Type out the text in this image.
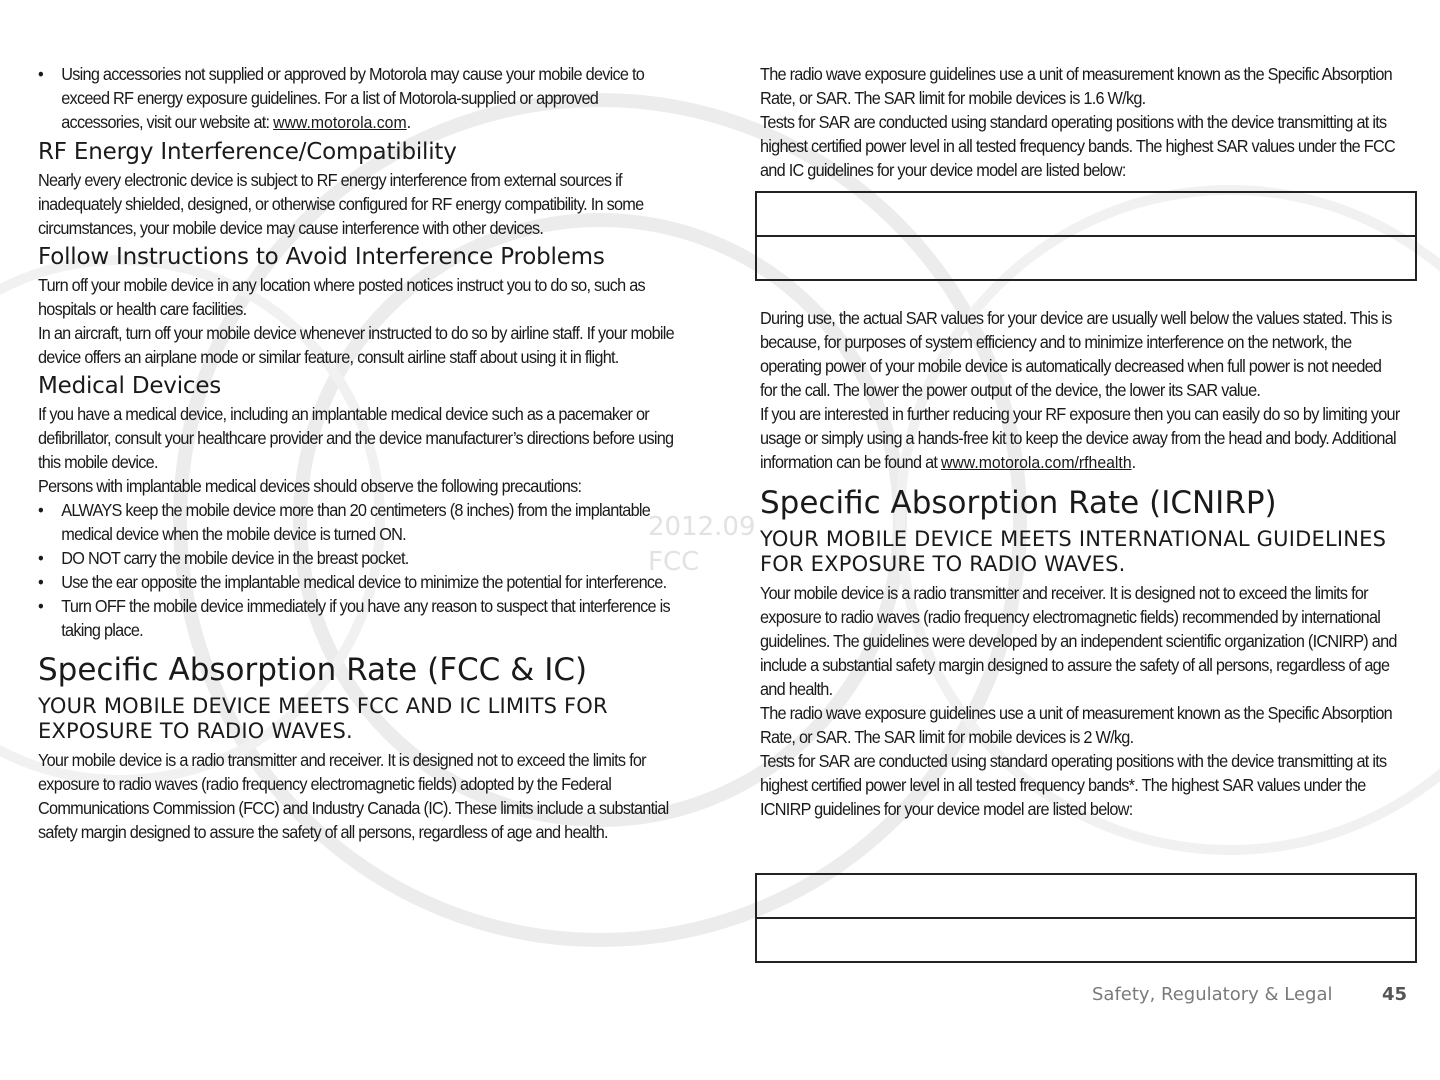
2012.09
FCC
• Using accessories not supplied or approved by Motorola may cause your mobile device to exceed RF energy exposure guidelines. For a list of Motorola-supplied or approved accessories, visit our website at: www.motorola.com.
RF Energy Interference/Compatibility

Nearly every electronic device is subject to RF energy interference from external sources if inadequately shielded, designed, or otherwise configured for RF energy compatibility. In some circumstances, your mobile device may cause interference with other devices.

Follow Instructions to Avoid Interference Problems

Turn off your mobile device in any location where posted notices instruct you to do so, such as hospitals or health care facilities.

In an aircraft, turn off your mobile device whenever instructed to do so by airline staff. If your mobile device offers an airplane mode or similar feature, consult airline staff about using it in flight.

Medical Devices

If you have a medical device, including an implantable medical device such as a pacemaker or defibrillator, consult your healthcare provider and the device manufacturer’s directions before using this mobile device.

Persons with implantable medical devices should observe the following precautions:

• ALWAYS keep the mobile device more than 20 centimeters (8 inches) from the implantable medical device when the mobile device is turned ON.
• DO NOT carry the mobile device in the breast pocket.
• Use the ear opposite the implantable medical device to minimize the potential for interference.
• Turn OFF the mobile device immediately if you have any reason to suspect that interference is taking place.
Specific Absorption Rate (FCC & IC)
YOUR MOBILE DEVICE MEETS FCC AND IC LIMITS FOR EXPOSURE TO RADIO WAVES.

Your mobile device is a radio transmitter and receiver. It is designed not to exceed the limits for exposure to radio waves (radio frequency electromagnetic fields) adopted by the Federal Communications Commission (FCC) and Industry Canada (IC). These limits include a substantial safety margin designed to assure the safety of all persons, regardless of age and health.

The radio wave exposure guidelines use a unit of measurement known as the Specific Absorption Rate, or SAR. The SAR limit for mobile devices is 1.6 W/kg.

Tests for SAR are conducted using standard operating positions with the device transmitting at its highest certified power level in all tested frequency bands. The highest SAR values under the FCC and IC guidelines for your device model are listed below:

During use, the actual SAR values for your device are usually well below the values stated. This is because, for purposes of system efficiency and to minimize interference on the network, the operating power of your mobile device is automatically decreased when full power is not needed for the call. The lower the power output of the device, the lower its SAR value.

If you are interested in further reducing your RF exposure then you can easily do so by limiting your usage or simply using a hands-free kit to keep the device away from the head and body. Additional information can be found at www.motorola.com/rfhealth.

Specific Absorption Rate (ICNIRP)
YOUR MOBILE DEVICE MEETS INTERNATIONAL GUIDELINES FOR EXPOSURE TO RADIO WAVES.

Your mobile device is a radio transmitter and receiver. It is designed not to exceed the limits for exposure to radio waves (radio frequency electromagnetic fields) recommended by international guidelines. The guidelines were developed by an independent scientific organization (ICNIRP) and include a substantial safety margin designed to assure the safety of all persons, regardless of age and health.

The radio wave exposure guidelines use a unit of measurement known as the Specific Absorption Rate, or SAR. The SAR limit for mobile devices is 2 W/kg.

Tests for SAR are conducted using standard operating positions with the device transmitting at its highest certified power level in all tested frequency bands*. The highest SAR values under the ICNIRP guidelines for your device model are listed below:

Safety, Regulatory & Legal	45
